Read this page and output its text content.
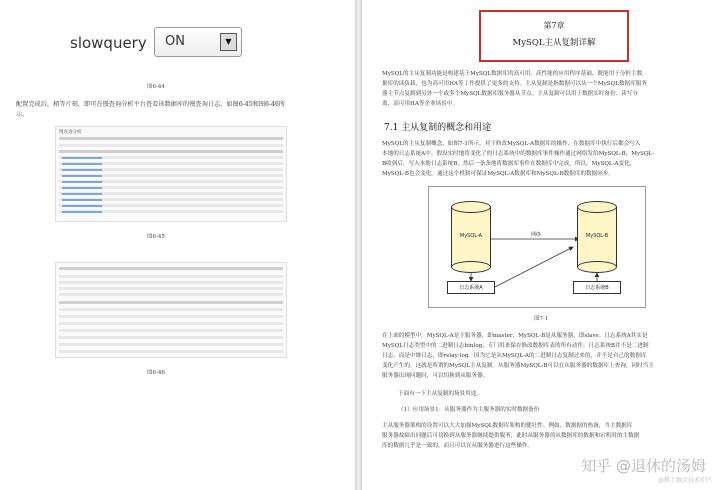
slowquery ON	▼
图6-44
配置完成后，稍等片刻，即可在慢查询分析平台查看该数据库的慢查询日志，如图6-45和图6-46所
示。
慢查询分析
图6-45
图6-46
第7章
MySQL主从复制详解
MySQL的主从复制功能是构建基于MySQL数据库的高可用、高性能的应用程序基础，既能用于分担主数
据库的读负载，也为高可用HA等工作提供了更多的支持。主从复制是指数据可以从一个MySQL数据库服务
器主节点复制到另外一个或多个MySQL数据库服务器从节点。主从复制可以用于数据实时备份、读写分
离、高可用HA等企业场景中。
7.1 主从复制的概念和用途
MySQL的主从复制概念，如图7-1所示。对于修改MySQL-A数据库的操作，在数据库中执行后都会写入
本地的日志系统A中。假设实时地将变化了的日志系统中的数据库事件操作通过网络发给MySQL-B，MySQL-
B收到后，写入本地日志系统B，然后一条条地将数据库事件在数据库中完成。所以，MySQL-A变化，
MySQL-B也会变化。通过这个机制可保证MySQL-A数据库和MySQL-B数据库的数据同步。
MySQL-A	MySQL-B
网络
日志系统A	日志系统B
图7-1
在上面的模型中，MySQL-A是主服务器，即master，MySQL-B是从服务器，即slave。日志系统A其实是
MySQL日志类型中的二进制日志binlog，专门用来保存修改数据库表的所有动作。日志系统B并不是二进制
日志，而是中继日志，即relay-log。因为它是从MySQL-A的二进制日志复制过来的，并不是自己的数据库
变化产生的，这就是所谓的MySQL主从复制。从服务器MySQL-B可以在从服务器的数据库上查询，同时当主
服务器出现问题时，可以切换到从服务器。
下面有一下主从复制的场景用途。
（1）应用场景1：从服务器作为主服务器的实时数据备份
主从服务器架构的设置可以大大加强MySQL数据库架构的健壮性。例如，数据据的热备，当主数据库
服务器故障出问题后可切换到从服务器继续提供服务，此时从服务器的从数据库的数据和宕机时的主数据
库的数据几乎是一致的，而且可以在从服务器进行这些操作。
知乎 @退休的汤姆
@稀土掘金技术社区
